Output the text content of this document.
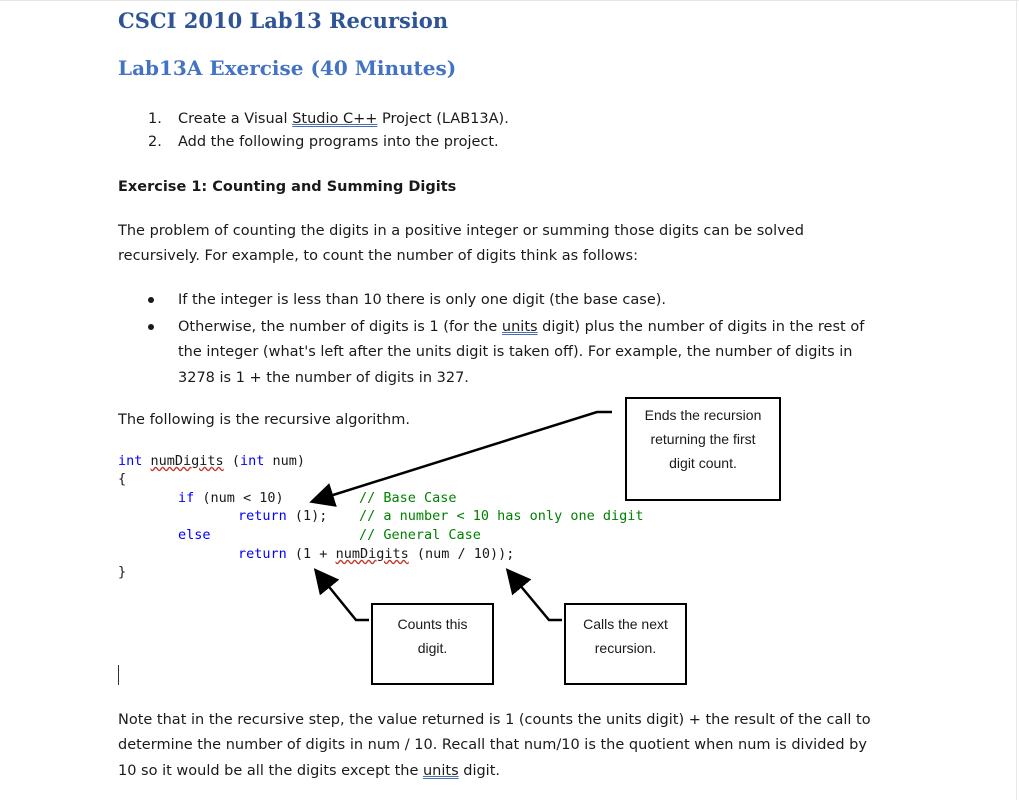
CSCI 2010 Lab13 Recursion
Lab13A Exercise (40 Minutes)
1. Create a Visual Studio C++ Project (LAB13A).
2. Add the following programs into the project.
Exercise 1: Counting and Summing Digits
The problem of counting the digits in a positive integer or summing those digits can be solved
recursively. For example, to count the number of digits think as follows:
If the integer is less than 10 there is only one digit (the base case).
Otherwise, the number of digits is 1 (for the units digit) plus the number of digits in the rest of
the integer (what's left after the units digit is taken off). For example, the number of digits in
3278 is 1 + the number of digits in 327.
The following is the recursive algorithm.
int numDigits (int num)
{
if (num < 10)
return (1);
else
return (1 + numDigits (num / 10));
}
// Base Case
// a number < 10 has only one digit
// General Case
Ends the recursion
returning the first
digit count.
Counts this
digit.
Calls the next
recursion.
Note that in the recursive step, the value returned is 1 (counts the units digit) + the result of the call to
determine the number of digits in num / 10. Recall that num/10 is the quotient when num is divided by
10 so it would be all the digits except the units digit.
